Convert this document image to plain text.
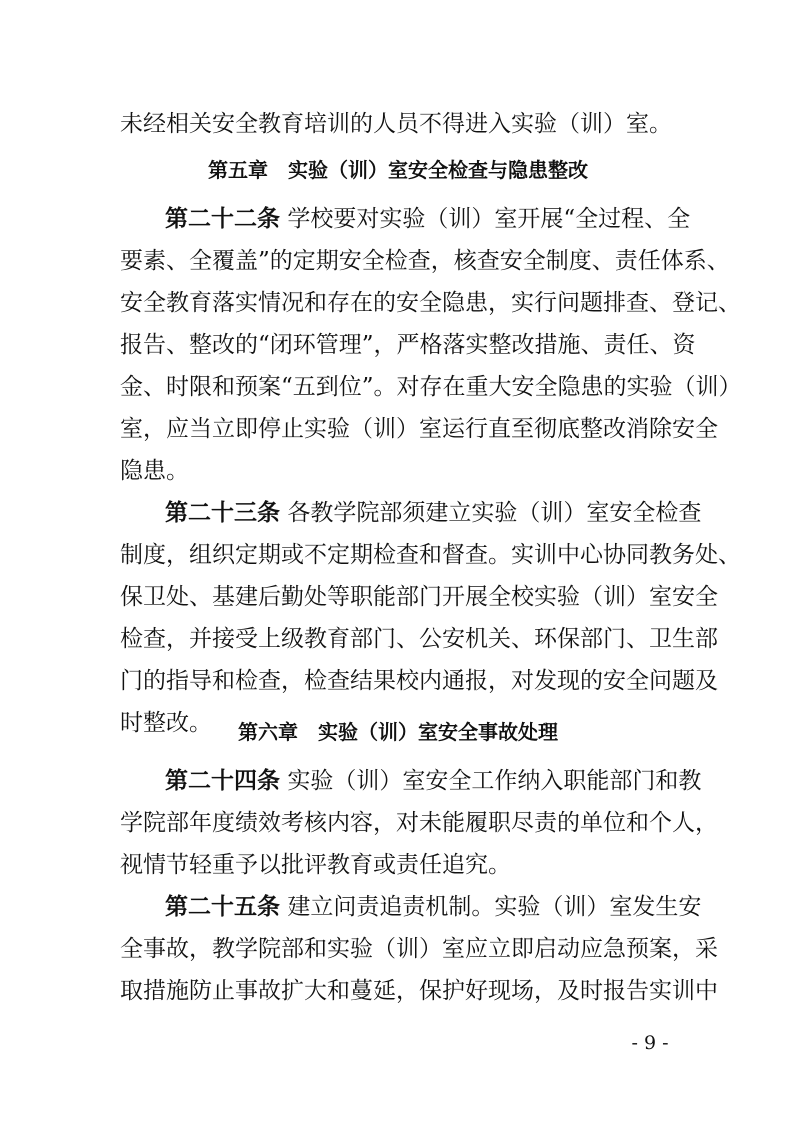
未经相关安全教育培训的人员不得进入实验（训）室。
第五章　实验（训）室安全检查与隐患整改
第二十二条 学校要对实验（训）室开展“全过程、全
要素、全覆盖”的定期安全检查，核查安全制度、责任体系、
安全教育落实情况和存在的安全隐患，实行问题排查、登记、
报告、整改的“闭环管理”，严格落实整改措施、责任、资
金、时限和预案“五到位”。对存在重大安全隐患的实验（训）
室，应当立即停止实验（训）室运行直至彻底整改消除安全
隐患。
第二十三条 各教学院部须建立实验（训）室安全检查
制度，组织定期或不定期检查和督查。实训中心协同教务处、
保卫处、基建后勤处等职能部门开展全校实验（训）室安全
检查，并接受上级教育部门、公安机关、环保部门、卫生部
门的指导和检查，检查结果校内通报，对发现的安全问题及
时整改。	第六章　实验（训）室安全事故处理
第二十四条 实验（训）室安全工作纳入职能部门和教
学院部年度绩效考核内容，对未能履职尽责的单位和个人，
视情节轻重予以批评教育或责任追究。
第二十五条 建立问责追责机制。实验（训）室发生安
全事故，教学院部和实验（训）室应立即启动应急预案，采
取措施防止事故扩大和蔓延，保护好现场，及时报告实训中
- 9 -
